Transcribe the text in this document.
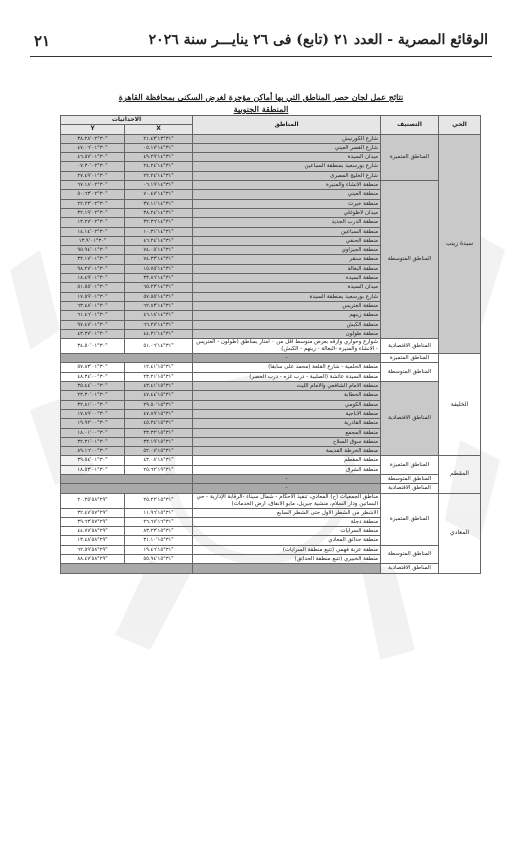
٢١	الوقائع المصرية - العدد ٢١ (تابع) فى ٢٦ ينايـــر سنة ٢٠٢٦
نتائج عمل لجان حصر المناطق التي بها أماكن مؤجرة لغرض السكنى بمحافظة القاهرة
المنطقة الجنوبية
الاحداثيات		المناطق	التصنيف	الحي
Y	X			
٣٠°٠٢'٣٨.٢٨"	٣١°١٣'٢١.٤٣"	شارع الكورنيش	المناطق المتميزة	سيدة زينب
٣٠°٠١'٤٧.٠٦"	٣١°١٤'٠٥.١٧"	شارع القصر العيني		
٣٠°٠١'٤٦.٥٧"	٣١°١٤'٤٩.٢٩"	ميدان السيدة		
٣٠°٠٢'٠٧.٣٠"	٣١°١٤'٢٤.٢٤"	شارع بورسعيد بمنطقة السباعين		
٣٠°٠١'٢٧.٤٩"	٣١°١٤'٢٢.٢٤"	شارع الخليج المصرى		
٣٠°٠٢'٦٧.١٨"	٣١°١٤'٠٦.١٩"	منطقة الانشاء والمنيرة	المناطق المتوسطة	
٣٠°٠٢'٥٠.٦٣"	٣١°١٤'٧٠.٤٧"	منطقة العيني		
٣٠°٠٢'٢٢.٢٣"	٣١°١٤'٣٧.١١"	منطقة خيرت		
٣٠°٠٢'٣٢.١٩"	٣١°١٤'٣٨.٢٤"	ميدان لاظوغلي		
٣٠°٠٢'١٣.٢٧"	٣١°١٤'٣٢.٣٦"	منطقة الدرب الجديد		
٣٠°٠٢'١٤.١٤"	٣١°١٤'١٠.٣١"	منطقة السباعين		
٣٠°٠١'١٣.٩"	٣١°١٤'٤٦.٢٤"	منطقة الحنفي		
٣٠°٠١'٩٥.٩٤"	٣١°١٤'٧٤.٠٥"	منطقة الجيزاوي		
٣٠°٠١'٣٣.١٧"	٣١°١٤'٧٤.٣٣"	منطقة سنقر		
٣٠°٠١'٩٨.٢٧"	٣١°١٤'١٥.٧٥"	منطقة البغالة		
٣٠°٠١'١٨.٤٩"	٣١°١٤'٣٣.٨٦"	منطقة السيدة		
٣٠°٠١'٥١.٥٥"	٣١°١٤'٦٥.٢٣"	ميدان السيدة		
٣٠°٠١'١٧.٥٩"	٣١°١٤'٥٧.٥٥"	شارع بورسعيد بمنطقة السيدة		
٣٠°٠١'٦٣.٤٨"	٣١°١٤'٦٢.٨٣"	منطقة العتريس		
٣٠°٠١'٦١.٤٦"	٣١°١٤'٤٦.١٨"	منطقة زينهم		
٣٠°٠١'٩٧.٤٧"	٣١°١٤'٦٦.٢٧"	منطقة الكبش		
٣٠°٠١'٤٣.٣٧"	٣١°١٤'٤٤.٣١"	منطقة طولون		
٣٠°٠١'٣٤.٥٠"	٣١°١٤'٥١.٠٦"	شوارع وحواري وازقه بعرض متوسط اقل من ٠ امتار بمناطق (طولون - العتريس - الانشاء والمنيرة -البغالة - زينهم - الكبش)	المناطق الاقتصادية	
		-	المناطق المتميزة	الخليفة
٣٠°٠١'٥٧.٨٣"	٣١°١٥'١٢.٤١"	منطقة الحلمية - شارع القلعة (محمد على سابقا)	المناطق المتوسطة	
٣٠°٠٠'٤٨.٣٤"	٣١°١٥'٢٣.٢١"	منطقة السيدة عائشة (الصليبة - درب غزه - درب الحصر)		
٣٠°٠٠'٣٥.٤٤"	٣١°١٥'٤٣.٤١"	منطقة الامام الشافعي والامام الليث	المناطق الاقتصادية	
٣٠°٠١'٢٣.٣٠"	٣١°١٥'٤٧.٤٤"	منطقة الحطابة		
٣٠°٠٠'٣٢.٨١"	٣١°١٥'٢٩.٥٠"	منطقة الكومي		
٣٠°٠٠'١٧.٨٩"	٣١°١٥'٤٧.٨٩"	منطقة الاباجية		
٣٠°٠٠'١٩.٩٢"	٣١°١٥'٤٥.٣٤"	منطقة القادرية		
٣٠°٠٠'١٨.٠١"	٣١°١٥'٣٣.٣٢"	منطقة المجمع		
٣٠°٠١'٣٢.٣١"	٣١°١٥'٣٣.١٩"	منطقة سوق السلاح		
٣٠°٠٠'٨٩.١٦"	٣١°١٥'٥٢.٠٧"	منطقة الخرطة القديمة		
٣٠°٠١'٣٩.٥٤"	٣١°١٨'٤٣.٠٨"	منطقة المقطم	المناطق المتميزة	المقطم
٣٠°٠١'١٨.٥٣"	٣١°١٩'٢٥.٦٢"	منطقة الشرق		
		-	المناطق المتوسطة	
		-	المناطق الاقتصادية	
٢٩°٥٨'٢٠.٣٥"	٣١°١٥'٢٥.٢٢"	مناطق الجمعيات (ح) المعادي، تنفيذ الاحكام - شمال سيناء -الرقابة الإدارية - حي البساتين ودار السلام، منشية جبريل، مايو الانفاق، ارض الخدمات)	المناطق المتميزة	المعادي
٢٩°٥٧'٣٢.٤٧"	٣١°١٥'١١.٩٦"	الاشطر من الشطر الاول حتى الشطر السابع		
٢٩°٥٧'٣٩.٦٣"	٣١°١٦'٢٦.٦٧"	منطقة دجلة		
٢٩°٥٨'٤٤.٧٧"	٣١°١٥'٨٣.٢٣"	منطقة السرايات		
٢٩°٥٨'١٣.٤٨"	٣١°١٥'٣١.١٠"	منطقة حدائق المعادي		
٢٩°٥٨'٦٢.٥٩"	٣١°١٥'١٩.٤٦"	منطقة عزبة فهمي (تتبع منطقة السرايات)	المناطق المتوسطة	
٢٩°٥٨'٨٨.٤٧"	٣١°١٥'٥٥.٩٤"	منطقة الخبيري (تتبع منطقة الحدائق)		
			المناطق الاقتصادية	
